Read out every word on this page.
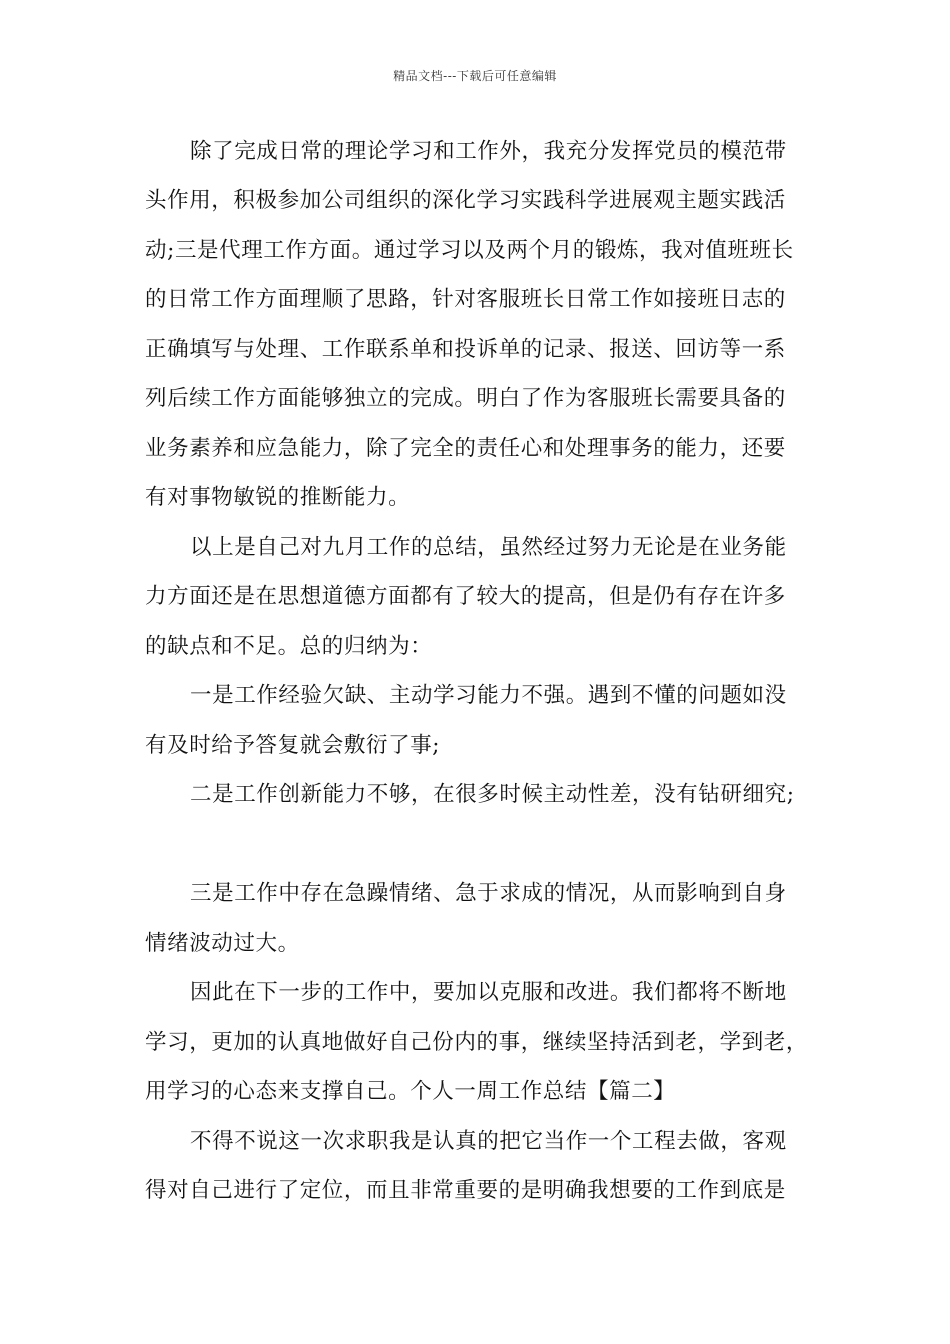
精品文档---下载后可任意编辑
除了完成日常的理论学习和工作外，我充分发挥党员的模范带
头作用，积极参加公司组织的深化学习实践科学进展观主题实践活
动;三是代理工作方面。通过学习以及两个月的锻炼，我对值班班长
的日常工作方面理顺了思路，针对客服班长日常工作如接班日志的
正确填写与处理、工作联系单和投诉单的记录、报送、回访等一系
列后续工作方面能够独立的完成。明白了作为客服班长需要具备的
业务素养和应急能力，除了完全的责任心和处理事务的能力，还要
有对事物敏锐的推断能力。
以上是自己对九月工作的总结，虽然经过努力无论是在业务能
力方面还是在思想道德方面都有了较大的提高，但是仍有存在许多
的缺点和不足。总的归纳为：
一是工作经验欠缺、主动学习能力不强。遇到不懂的问题如没
有及时给予答复就会敷衍了事;
二是工作创新能力不够，在很多时候主动性差，没有钻研细究;
三是工作中存在急躁情绪、急于求成的情况，从而影响到自身
情绪波动过大。
因此在下一步的工作中，要加以克服和改进。我们都将不断地
学习，更加的认真地做好自己份内的事，继续坚持活到老，学到老，
用学习的心态来支撑自己。个人一周工作总结【篇二】
不得不说这一次求职我是认真的把它当作一个工程去做，客观
得对自己进行了定位，而且非常重要的是明确我想要的工作到底是
